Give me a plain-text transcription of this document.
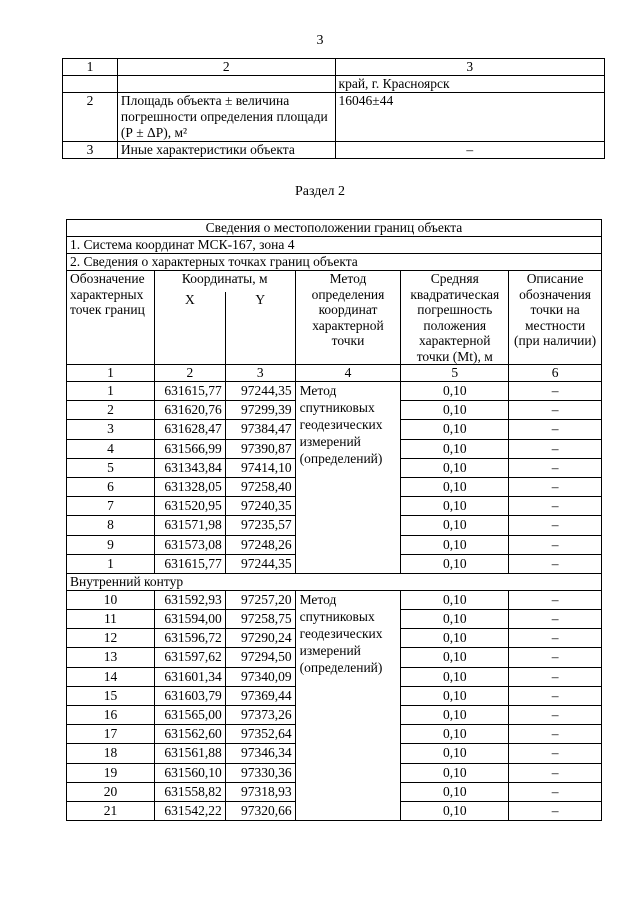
3
1	2	3
		край, г. Красноярск
2	Площадь объекта ± величина погрешности определения площади (Р ± ΔР), м²	16046±44
3	Иные характеристики объекта	–
Раздел 2
Сведения о местоположении границ объекта					
1. Система координат МСК-167, зона 4					
2. Сведения о характерных точках границ объекта					
Обозначение характерных точек границ	Координаты, м		Метод определения координат характерной точки	Средняя квадратическая погрешность положения характерной точки (Mt), м	Описание обозначения точки на местности (при наличии)
	X	Y			
1	2	3	4	5	6
1	631615,77	97244,35	Метод спутниковых геодезических измерений (определений)	0,10	–
2	631620,76	97299,39		0,10	–
3	631628,47	97384,47		0,10	–
4	631566,99	97390,87		0,10	–
5	631343,84	97414,10		0,10	–
6	631328,05	97258,40		0,10	–
7	631520,95	97240,35		0,10	–
8	631571,98	97235,57		0,10	–
9	631573,08	97248,26		0,10	–
1	631615,77	97244,35		0,10	–
Внутренний контур					
10	631592,93	97257,20	Метод спутниковых геодезических измерений (определений)	0,10	–
11	631594,00	97258,75		0,10	–
12	631596,72	97290,24		0,10	–
13	631597,62	97294,50		0,10	–
14	631601,34	97340,09		0,10	–
15	631603,79	97369,44		0,10	–
16	631565,00	97373,26		0,10	–
17	631562,60	97352,64		0,10	–
18	631561,88	97346,34		0,10	–
19	631560,10	97330,36		0,10	–
20	631558,82	97318,93		0,10	–
21	631542,22	97320,66		0,10	–
